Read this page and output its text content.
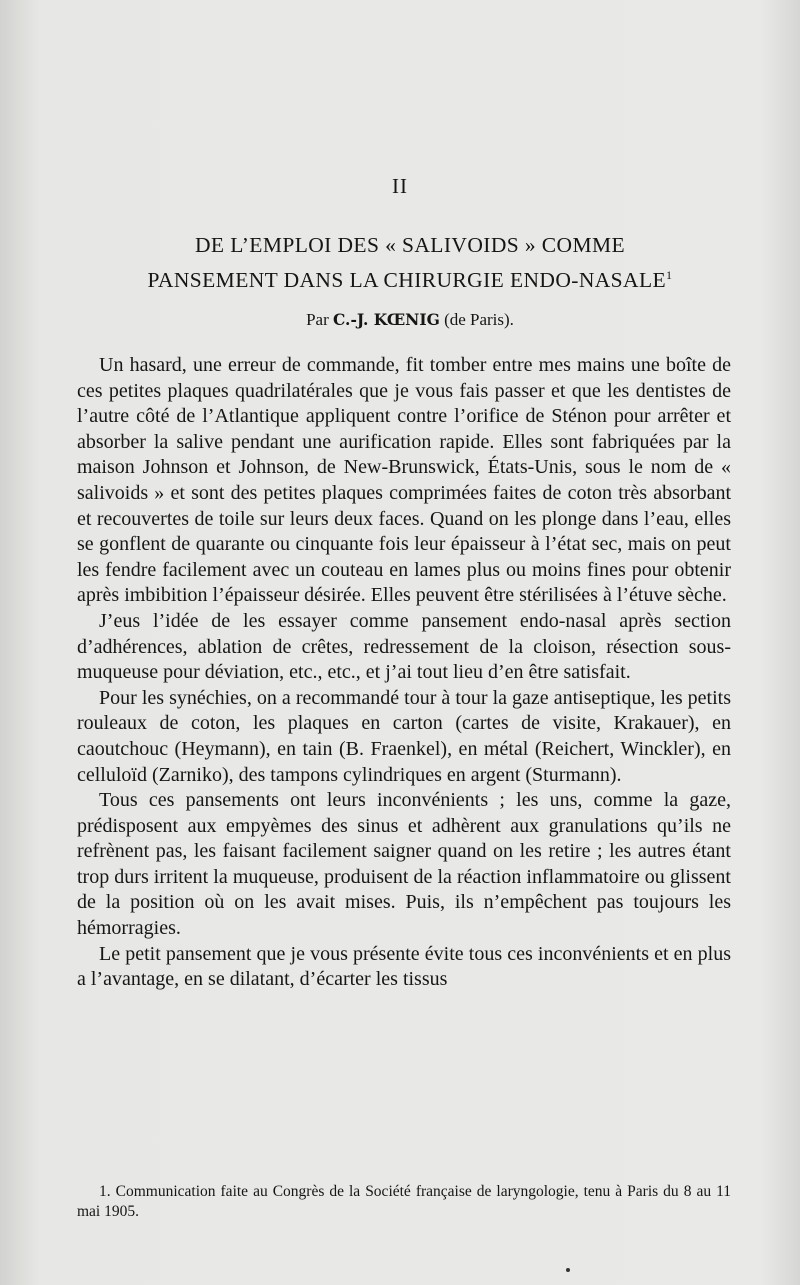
II
DE L’EMPLOI DES « SALIVOIDS » COMME
PANSEMENT DANS LA CHIRURGIE ENDO-NASALE$^1$
Par C.-J. KŒNIG (de Paris).

Un hasard, une erreur de commande, fit tomber entre mes mains une boîte de ces petites plaques quadrilatérales que je vous fais passer et que les dentistes de l’autre côté de l’Atlantique appliquent contre l’orifice de Sténon pour arrêter et absorber la salive pendant une aurification rapide. Elles sont fabriquées par la maison Johnson et Johnson, de New-Brunswick, États-Unis, sous le nom de « salivoids » et sont des petites plaques comprimées faites de coton très absorbant et recouvertes de toile sur leurs deux faces. Quand on les plonge dans l’eau, elles se gonflent de quarante ou cinquante fois leur épaisseur à l’état sec, mais on peut les fendre facilement avec un couteau en lames plus ou moins fines pour obtenir après imbibition l’épaisseur désirée. Elles peuvent être stérilisées à l’étuve sèche.

J’eus l’idée de les essayer comme pansement endo-nasal après section d’adhérences, ablation de crêtes, redressement de la cloison, résection sous-muqueuse pour déviation, etc., etc., et j’ai tout lieu d’en être satisfait.

Pour les synéchies, on a recommandé tour à tour la gaze antiseptique, les petits rouleaux de coton, les plaques en carton (cartes de visite, Krakauer), en caoutchouc (Heymann), en tain (B. Fraenkel), en métal (Reichert, Winckler), en celluloïd (Zarniko), des tampons cylindriques en argent (Sturmann).

Tous ces pansements ont leurs inconvénients ; les uns, comme la gaze, prédisposent aux empyèmes des sinus et adhèrent aux granulations qu’ils ne refrènent pas, les faisant facilement saigner quand on les retire ; les autres étant trop durs irritent la muqueuse, produisent de la réaction inflammatoire ou glissent de la position où on les avait mises. Puis, ils n’empêchent pas toujours les hémorragies.

Le petit pansement que je vous présente évite tous ces inconvénients et en plus a l’avantage, en se dilatant, d’écarter les tissus

1. Communication faite au Congrès de la Société française de laryngologie, tenu à Paris du 8 au 11 mai 1905.
